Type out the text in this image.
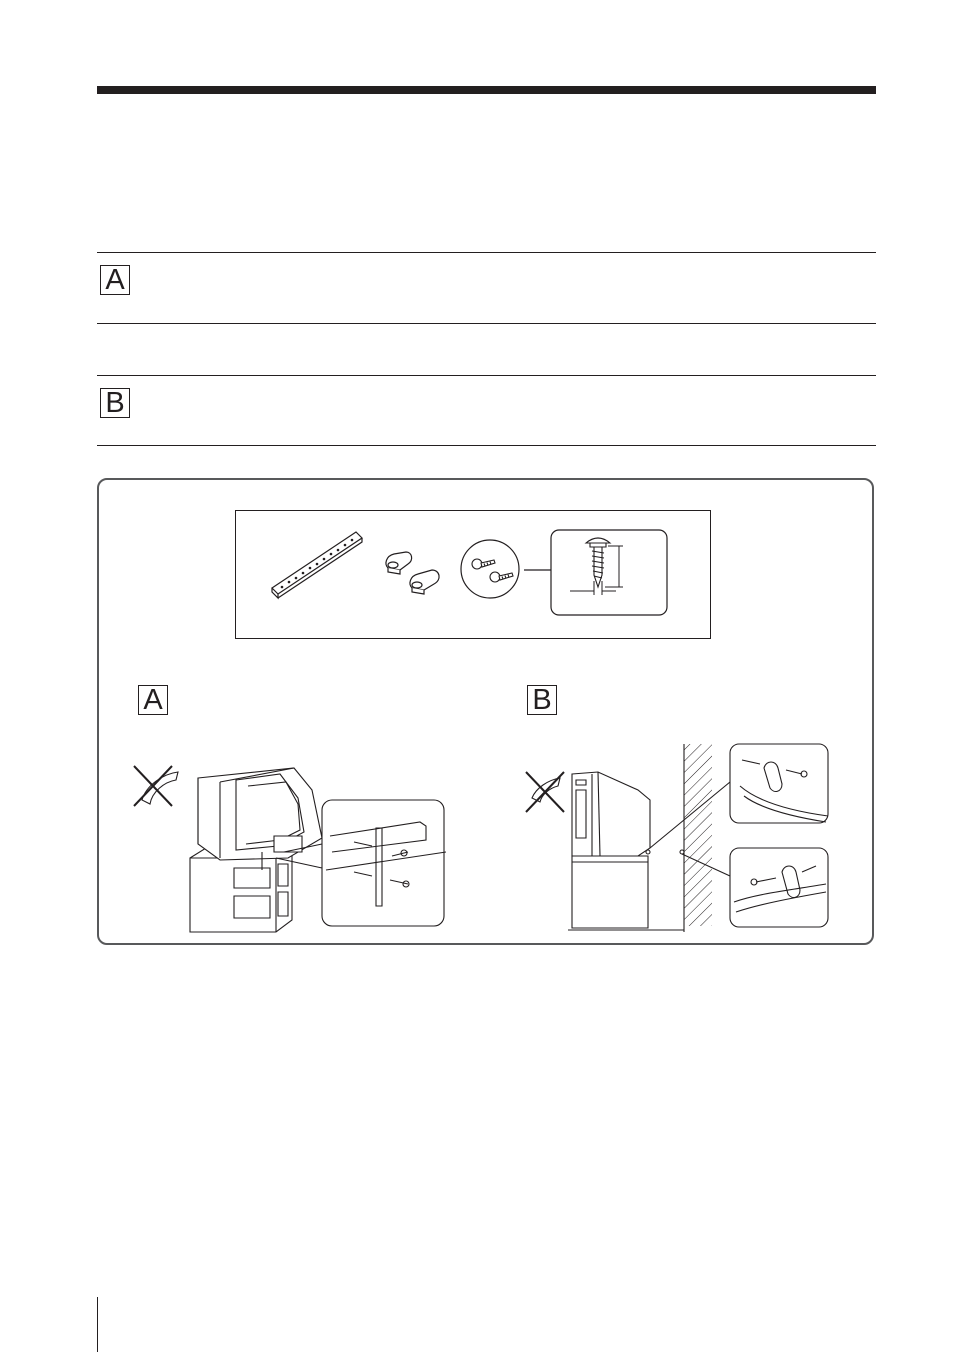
A
B
A	B
